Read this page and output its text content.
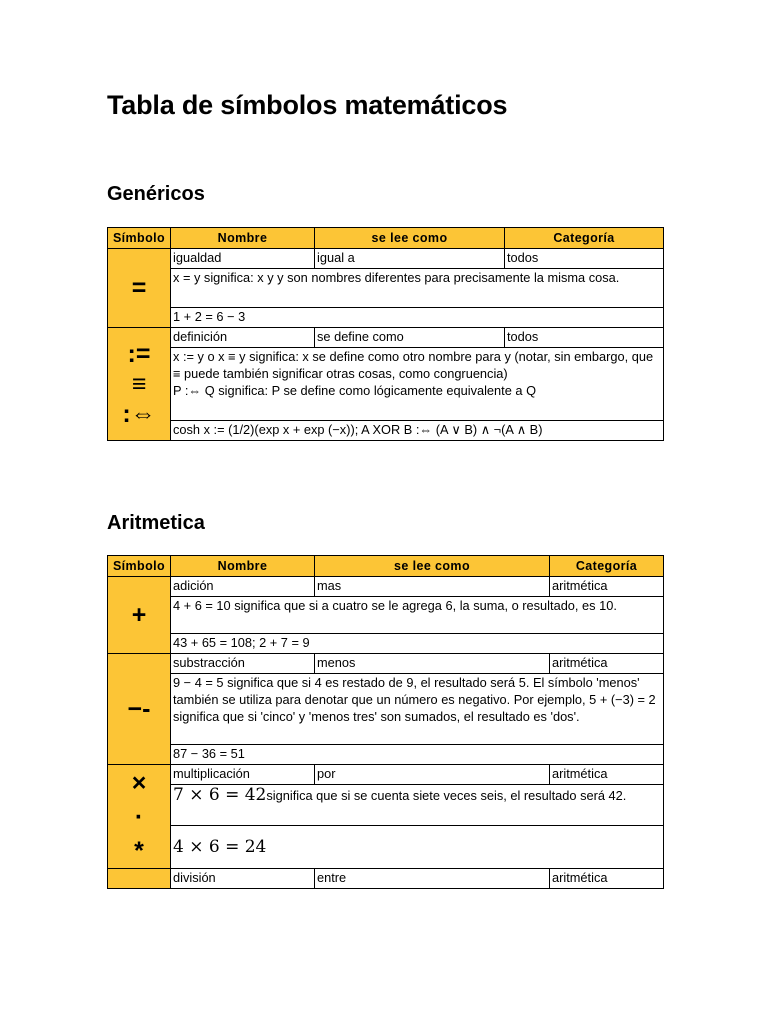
Tabla de símbolos matemáticos
Genéricos
Símbolo	Nombre	se lee como	Categoría

=	igualdad	igual a	todos
	x = y significa: x y y son nombres diferentes para precisamente la misma cosa.		
	1 + 2 = 6 − 3		

:=
≡
:⇔	definición	se define como	todos

	x := y o x ≡ y significa: x se define como otro nombre para y (notar, sin embargo, que ≡ puede también significar otras cosas, como congruencia)
P :⇔ Q significa: P se define como lógicamente equivalente a Q		

	cosh x := (1/2)(exp x + exp (−x)); A XOR B :⇔ (A ∨ B) ∧ ¬(A ∧ B)		
Aritmetica
Símbolo	Nombre	se lee como	Categoría

+	adición	mas	aritmética
	4 + 6 = 10 significa que si a cuatro se le agrega 6, la suma, o resultado, es 10.		
	43 + 65 = 108; 2 + 7 = 9		

−-	substracción	menos	aritmética
	9 − 4 = 5 significa que si 4 es restado de 9, el resultado será 5. El símbolo 'menos' también se utiliza para denotar que un número es negativo. Por ejemplo, 5 + (−3) = 2 significa que si 'cinco' y 'menos tres' son sumados, el resultado es 'dos'.		
	87 − 36 = 51		

×
·
*	multiplicación	por	aritmética
	7 × 6 = 42significa que si se cuenta siete veces seis, el resultado será 42.		
	4 × 6 = 24		
	división	entre	aritmética
